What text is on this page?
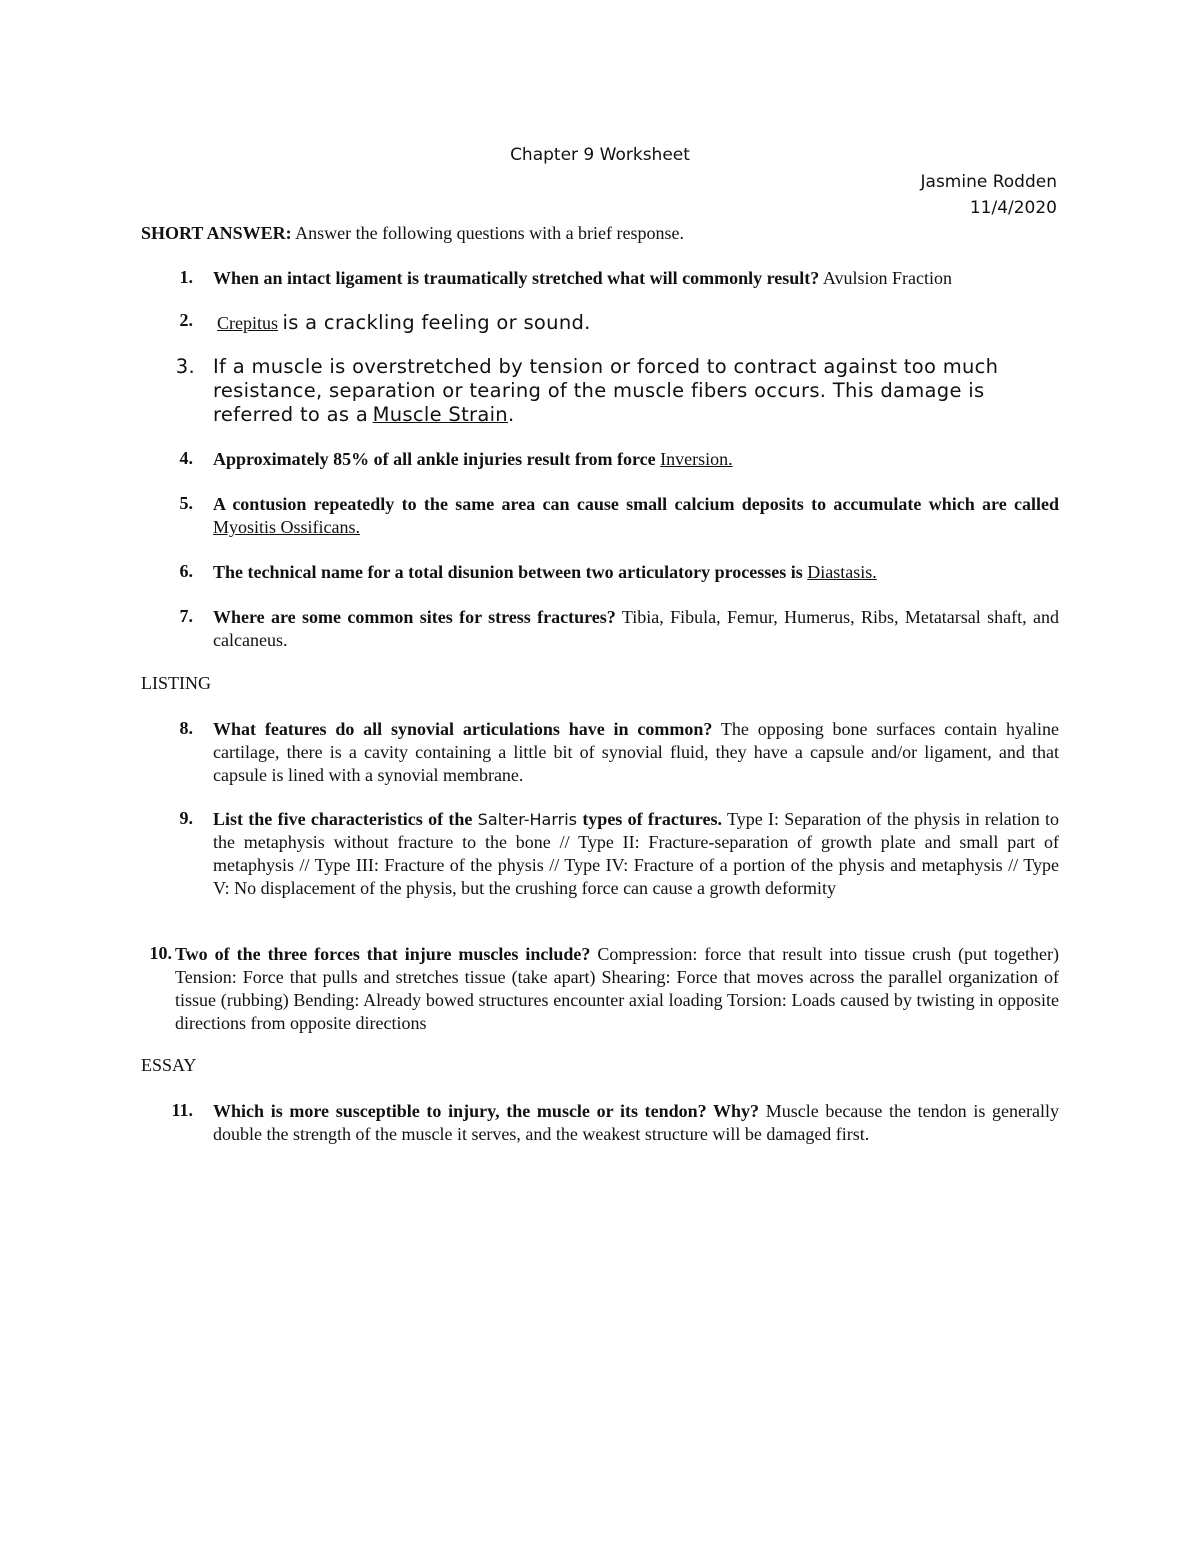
Chapter 9 Worksheet
Jasmine Rodden
11/4/2020
SHORT ANSWER: Answer the following questions with a brief response.
1. When an intact ligament is traumatically stretched what will commonly result? Avulsion Fraction
2. Crepitus is a crackling feeling or sound.
3. If a muscle is overstretched by tension or forced to contract against too much resistance, separation or tearing of the muscle fibers occurs. This damage is referred to as a Muscle Strain.
4. Approximately 85% of all ankle injuries result from force Inversion.
5. A contusion repeatedly to the same area can cause small calcium deposits to accumulate which are called Myositis Ossificans.
6. The technical name for a total disunion between two articulatory processes is Diastasis.
7. Where are some common sites for stress fractures? Tibia, Fibula, Femur, Humerus, Ribs, Metatarsal shaft, and calcaneus.
LISTING
8. What features do all synovial articulations have in common? The opposing bone surfaces contain hyaline cartilage, there is a cavity containing a little bit of synovial fluid, they have a capsule and/or ligament, and that capsule is lined with a synovial membrane.
9. List the five characteristics of the Salter-Harris types of fractures. Type I: Separation of the physis in relation to the metaphysis without fracture to the bone // Type II: Fracture-separation of growth plate and small part of metaphysis // Type III: Fracture of the physis // Type IV: Fracture of a portion of the physis and metaphysis // Type V: No displacement of the physis, but the crushing force can cause a growth deformity
10. Two of the three forces that injure muscles include? Compression: force that result into tissue crush (put together) Tension: Force that pulls and stretches tissue (take apart) Shearing: Force that moves across the parallel organization of tissue (rubbing) Bending: Already bowed structures encounter axial loading Torsion: Loads caused by twisting in opposite directions from opposite directions
ESSAY
11. Which is more susceptible to injury, the muscle or its tendon? Why? Muscle because the tendon is generally double the strength of the muscle it serves, and the weakest structure will be damaged first.
